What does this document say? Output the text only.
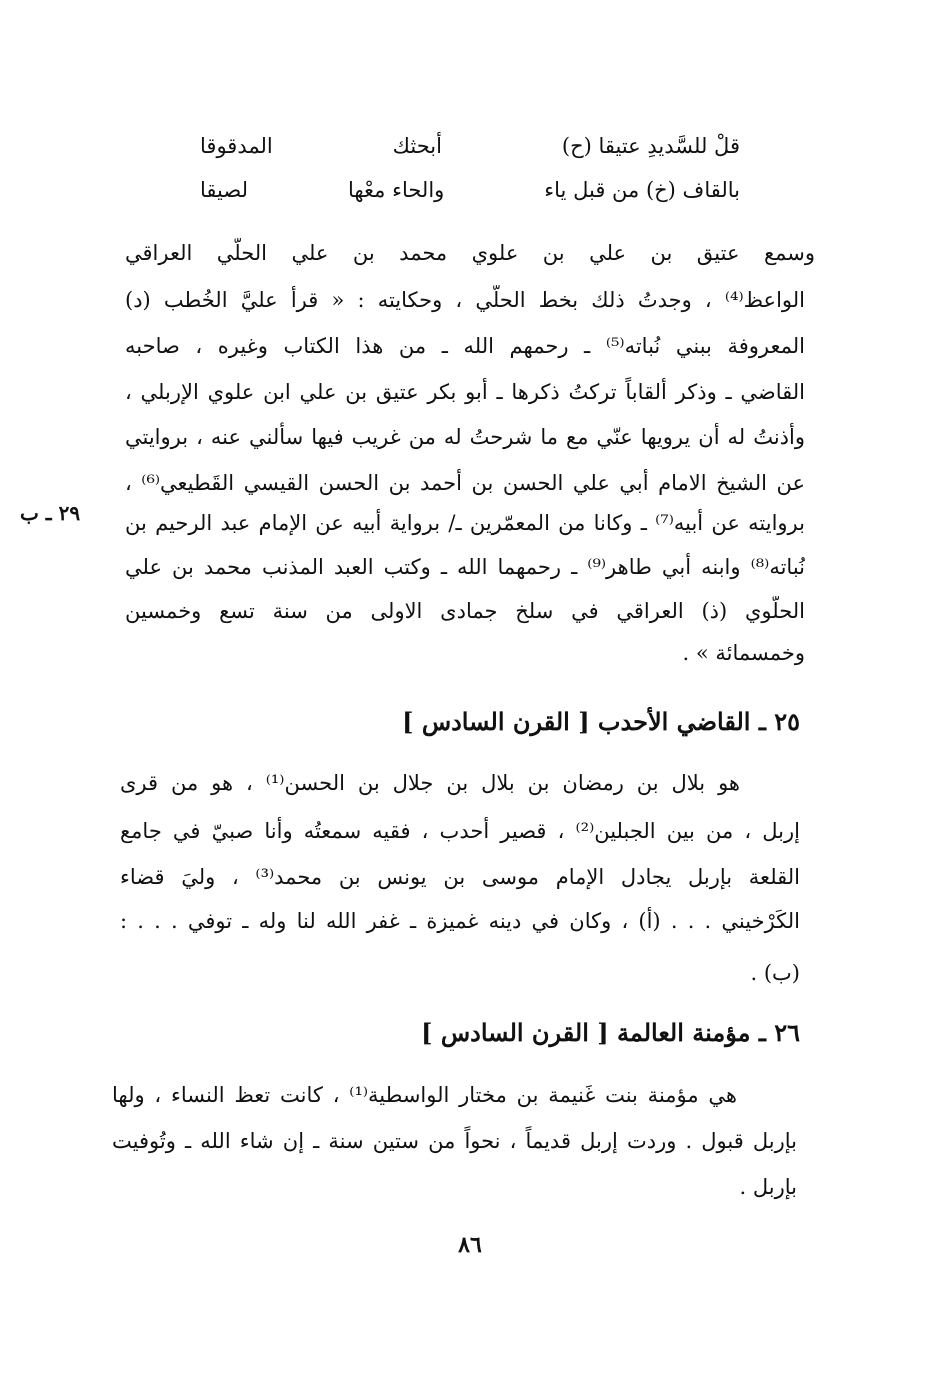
قلْ للسَّديدِ عتيقا (ح)
أبحثك
المدقوقا
بالقاف (خ) من قبل ياء
والحاء معْها
لصيقا
وسمع عتيق بن علي بن علوي محمد بن علي الحلّي العراقي
الواعظ⁽⁴⁾ ، وجدتُ ذلك بخط الحلّي ، وحكايته : « قرأ عليَّ الخُطب (د)
المعروفة ببني نُباته⁽⁵⁾ ـ رحمهم الله ـ من هذا الكتاب وغيره ، صاحبه
القاضي ـ وذكر ألقاباً تركتُ ذكرها ـ أبو بكر عتيق بن علي ابن علوي الإربلي ،
وأذنتُ له أن يرويها عنّي مع ما شرحتُ له من غريب فيها سألني عنه ، بروايتي
عن الشيخ الامام أبي علي الحسن بن أحمد بن الحسن القيسي القَطيعي⁽⁶⁾ ،
بروايته عن أبيه⁽⁷⁾ ـ وكانا من المعمّرين ـ/ برواية أبيه عن الإمام عبد الرحيم بن
نُباته⁽⁸⁾ وابنه أبي طاهر⁽⁹⁾ ـ رحمهما الله ـ وكتب العبد المذنب محمد بن علي
الحلّوي (ذ) العراقي في سلخ جمادى الاولى من سنة تسع وخمسين
وخمسمائة » .
٢٩ ـ ب
٢٥ ـ القاضي الأحدب [ القرن السادس ]
هو بلال بن رمضان بن بلال بن جلال بن الحسن⁽¹⁾ ، هو من قرى
إربل ، من بين الجبلين⁽²⁾ ، قصير أحدب ، فقيه سمعتُه وأنا صبيّ في جامع
القلعة بإربل يجادل الإمام موسى بن يونس بن محمد⁽³⁾ ، وليَ قضاء
الكَرْخيني . . . (أ) ، وكان في دينه غميزة ـ غفر الله لنا وله ـ توفي . . . :
(ب) .
٢٦ ـ مؤمنة العالمة [ القرن السادس ]
هي مؤمنة بنت غَنيمة بن مختار الواسطية⁽¹⁾ ، كانت تعظ النساء ، ولها
بإربل قبول . وردت إربل قديماً ، نحواً من ستين سنة ـ إن شاء الله ـ وتُوفيت
بإربل .
٨٦
